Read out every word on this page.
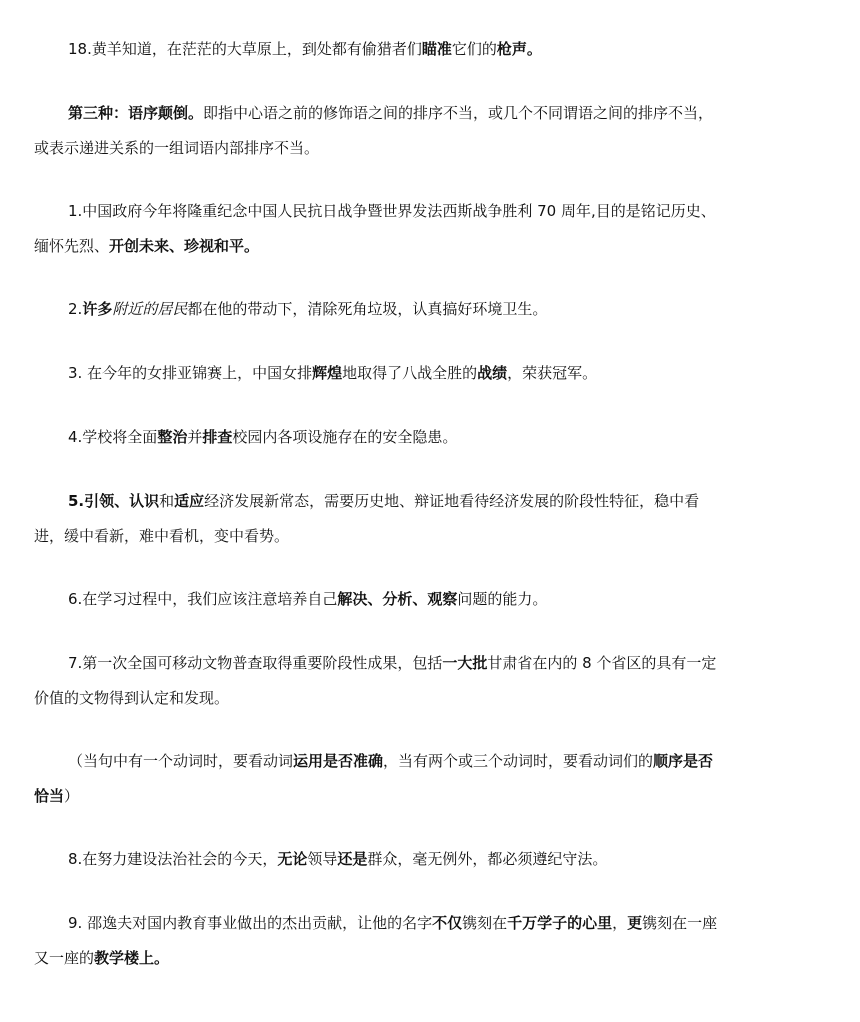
18.黄羊知道，在茫茫的大草原上，到处都有偷猎者们瞄准它们的枪声。

第三种：语序颠倒。即指中心语之前的修饰语之间的排序不当，或几个不同谓语之间的排序不当，或表示递进关系的一组词语内部排序不当。

1.中国政府今年将隆重纪念中国人民抗日战争暨世界发法西斯战争胜利 70 周年,目的是铭记历史、缅怀先烈、开创未来、珍视和平。

2.许多附近的居民都在他的带动下，清除死角垃圾，认真搞好环境卫生。

3. 在今年的女排亚锦赛上，中国女排辉煌地取得了八战全胜的战绩，荣获冠军。

4.学校将全面整治并排查校园内各项设施存在的安全隐患。

5.引领、认识和适应经济发展新常态，需要历史地、辩证地看待经济发展的阶段性特征，稳中看进，缓中看新，难中看机，变中看势。

6.在学习过程中，我们应该注意培养自己解决、分析、观察问题的能力。

7.第一次全国可移动文物普查取得重要阶段性成果，包括一大批甘肃省在内的 8 个省区的具有一定价值的文物得到认定和发现。

（当句中有一个动词时，要看动词运用是否准确，当有两个或三个动词时，要看动词们的顺序是否恰当）

8.在努力建设法治社会的今天，无论领导还是群众，毫无例外，都必须遵纪守法。

9. 邵逸夫对国内教育事业做出的杰出贡献，让他的名字不仅镌刻在千万学子的心里，更镌刻在一座又一座的教学楼上。
